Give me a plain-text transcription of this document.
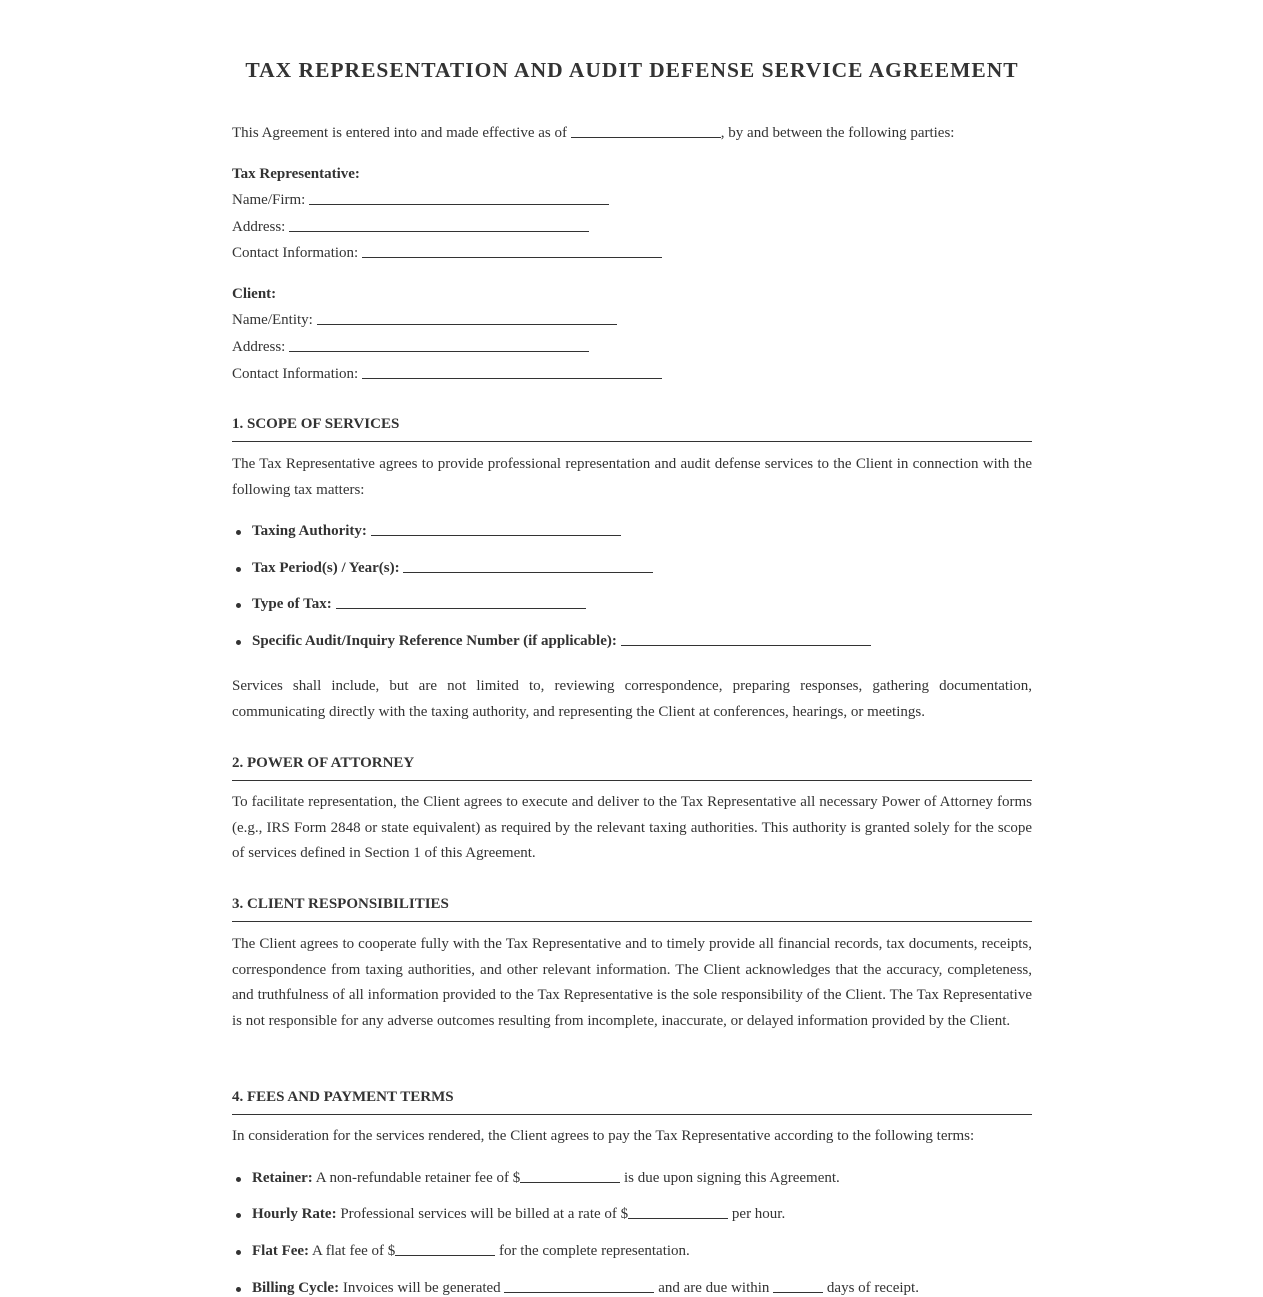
TAX REPRESENTATION AND AUDIT DEFENSE SERVICE AGREEMENT
This Agreement is entered into and made effective as of	, by and between the following parties:
Tax Representative:
Name/Firm:
Address:
Contact Information:
Client:
Name/Entity:
Address:
Contact Information:
1. SCOPE OF SERVICES

The Tax Representative agrees to provide professional representation and audit defense services to the Client in connection with the following tax matters:

Taxing Authority:
Tax Period(s) / Year(s):
Type of Tax:
Specific Audit/Inquiry Reference Number (if applicable):

Services shall include, but are not limited to, reviewing correspondence, preparing responses, gathering documentation, communicating directly with the taxing authority, and representing the Client at conferences, hearings, or meetings.

2. POWER OF ATTORNEY

To facilitate representation, the Client agrees to execute and deliver to the Tax Representative all necessary Power of Attorney forms (e.g., IRS Form 2848 or state equivalent) as required by the relevant taxing authorities. This authority is granted solely for the scope of services defined in Section 1 of this Agreement.

3. CLIENT RESPONSIBILITIES

The Client agrees to cooperate fully with the Tax Representative and to timely provide all financial records, tax documents, receipts, correspondence from taxing authorities, and other relevant information. The Client acknowledges that the accuracy, completeness, and truthfulness of all information provided to the Tax Representative is the sole responsibility of the Client. The Tax Representative is not responsible for any adverse outcomes resulting from incomplete, inaccurate, or delayed information provided by the Client.

4. FEES AND PAYMENT TERMS

In consideration for the services rendered, the Client agrees to pay the Tax Representative according to the following terms:

Retainer: A non-refundable retainer fee of $	is due upon signing this Agreement.
Hourly Rate: Professional services will be billed at a rate of $	per hour.
Flat Fee: A flat fee of $	for the complete representation.
Billing Cycle: Invoices will be generated	and are due within	days of receipt.
